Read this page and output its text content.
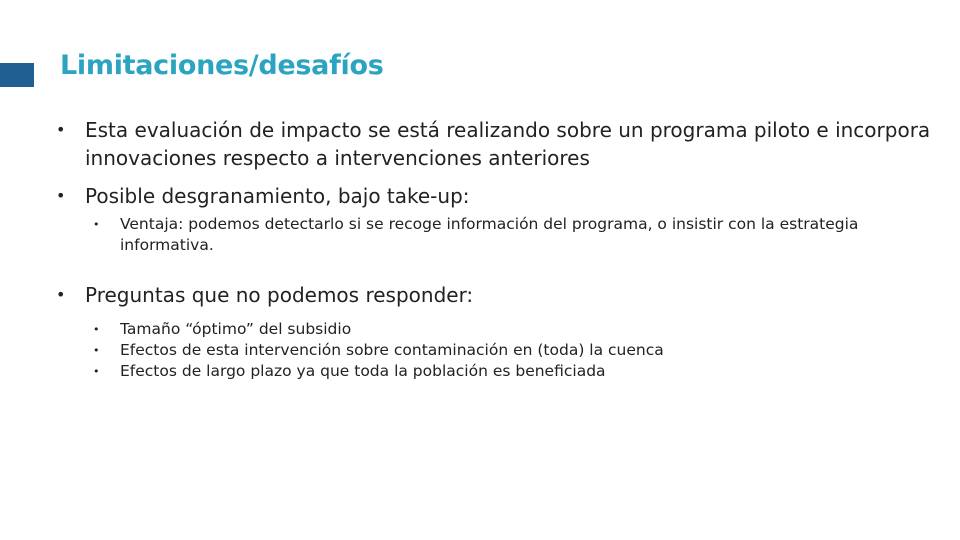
Limitaciones/desafíos
• Esta evaluación de impacto se está realizando sobre un programa piloto e incorpora innovaciones respecto a intervenciones anteriores
• Posible desgranamiento, bajo take-up:
• Ventaja: podemos detectarlo si se recoge información del programa, o insistir con la estrategia informativa.
• Preguntas que no podemos responder:
• Tamaño “óptimo” del subsidio
• Efectos de esta intervención sobre contaminación en (toda) la cuenca
• Efectos de largo plazo ya que toda la población es beneficiada
